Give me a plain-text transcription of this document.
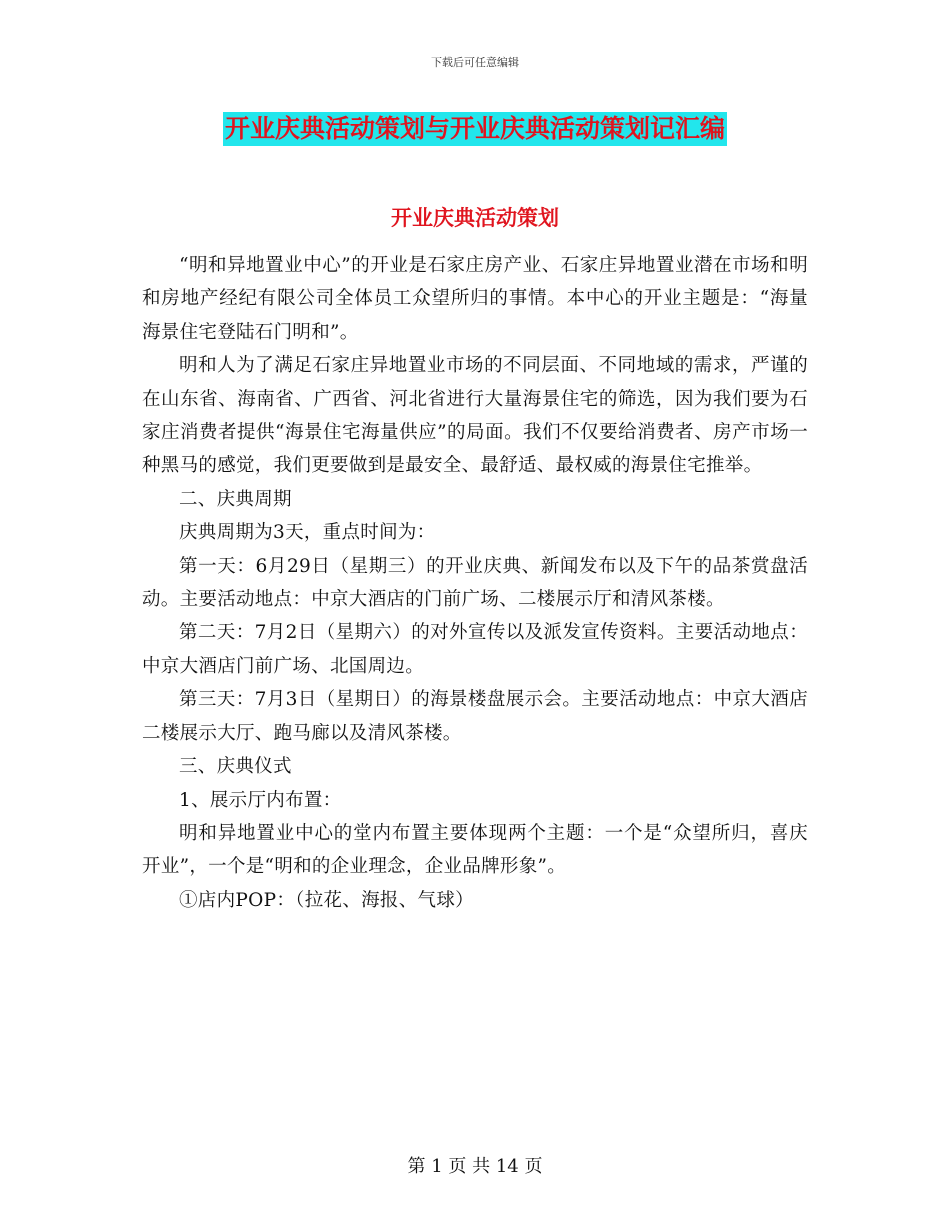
下载后可任意编辑
开业庆典活动策划与开业庆典活动策划记汇编
开业庆典活动策划

“明和异地置业中心”的开业是石家庄房产业、石家庄异地置业潜在市场和明和房地产经纪有限公司全体员工众望所归的事情。本中心的开业主题是：“海量海景住宅登陆石门明和”。

明和人为了满足石家庄异地置业市场的不同层面、不同地域的需求，严谨的在山东省、海南省、广西省、河北省进行大量海景住宅的筛选，因为我们要为石家庄消费者提供“海景住宅海量供应”的局面。我们不仅要给消费者、房产市场一种黑马的感觉，我们更要做到是最安全、最舒适、最权威的海景住宅推举。

二、庆典周期

庆典周期为3天，重点时间为：

第一天：6月29日（星期三）的开业庆典、新闻发布以及下午的品茶赏盘活动。主要活动地点：中京大酒店的门前广场、二楼展示厅和清风茶楼。

第二天：7月2日（星期六）的对外宣传以及派发宣传资料。主要活动地点：中京大酒店门前广场、北国周边。

第三天：7月3日（星期日）的海景楼盘展示会。主要活动地点：中京大酒店二楼展示大厅、跑马廊以及清风茶楼。

三、庆典仪式

1、展示厅内布置：

明和异地置业中心的堂内布置主要体现两个主题：一个是“众望所归，喜庆开业”，一个是“明和的企业理念，企业品牌形象”。

①店内POP：（拉花、海报、气球）

第 1 页 共 14 页
